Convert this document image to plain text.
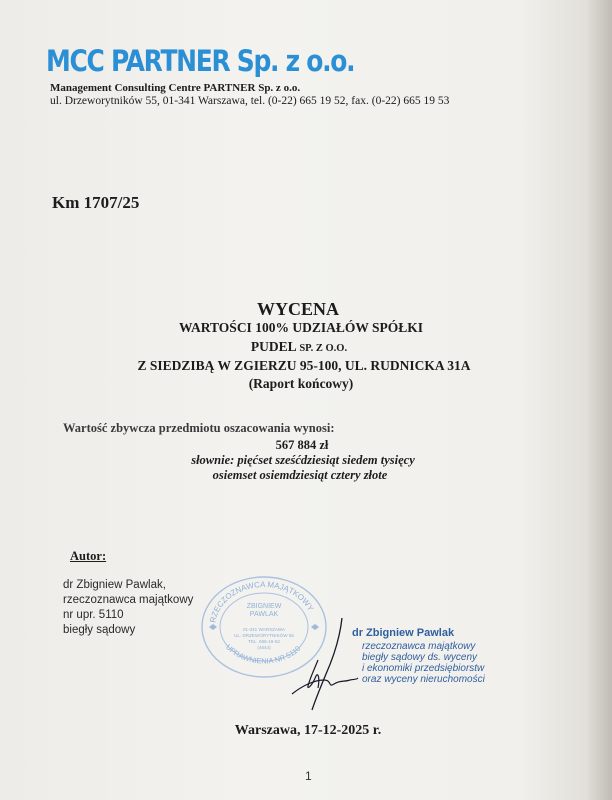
MCC PARTNER Sp. z o.o.
Management Consulting Centre PARTNER Sp. z o.o.
ul. Drzeworytników 55, 01-341 Warszawa, tel. (0-22) 665 19 52, fax. (0-22) 665 19 53
Km 1707/25
WYCENA
WARTOŚCI 100% UDZIAŁÓW SPÓŁKI
PUDEL SP. Z O.O.
Z SIEDZIBĄ W ZGIERZU 95-100, UL. RUDNICKA 31A
(Raport końcowy)
Wartość zbywcza przedmiotu oszacowania wynosi:
567 884 zł
słownie: pięćset sześćdziesiąt siedem tysięcy
osiemset osiemdziesiąt cztery złote
Autor:
dr Zbigniew Pawlak,
rzeczoznawca majątkowy
nr upr. 5110
biegły sądowy
RZECZOZNAWCA MAJĄTKOWY
UPRAWNIENIA NR 5110
ZBIGNIEW
PAWLAK
01-341 WARSZAWA
UL. DRZEWORYTNIKÓW 55
TEL. 665-19-52
(4644)
dr Zbigniew Pawlak
rzeczoznawca majątkowy
biegły sądowy ds. wyceny
i ekonomiki przedsiębiorstw
oraz wyceny nieruchomości
Warszawa, 17-12-2025 r.
1
